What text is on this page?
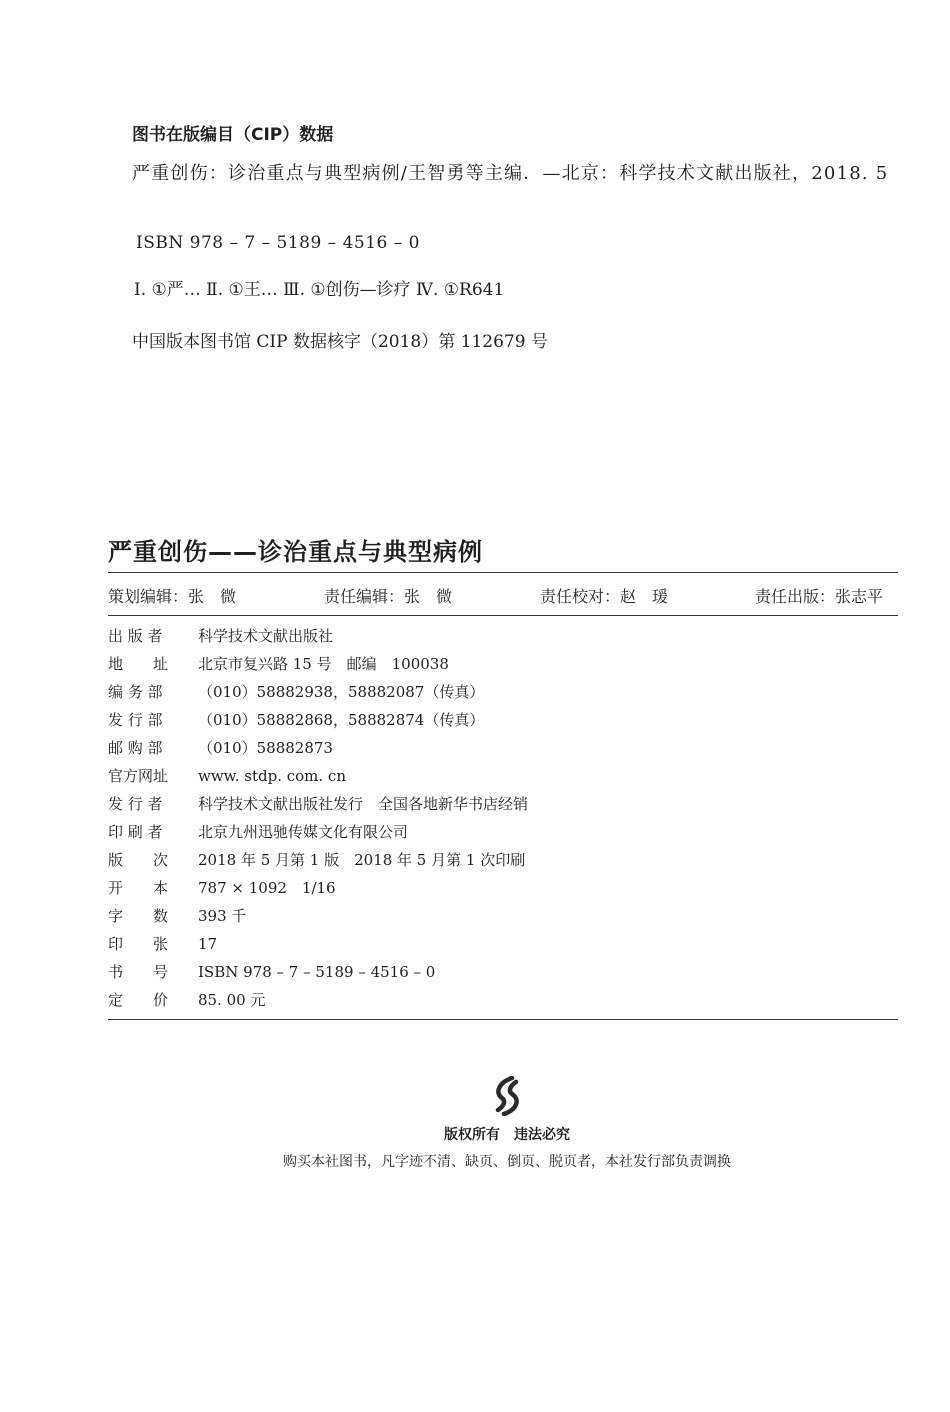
图书在版编目（CIP）数据
严重创伤：诊治重点与典型病例/王智勇等主编．—北京：科学技术文献出版社，2018. 5
ISBN 978 – 7 – 5189 – 4516 – 0
Ⅰ. ①严… Ⅱ. ①王… Ⅲ. ①创伤—诊疗 Ⅳ. ①R641
中国版本图书馆 CIP 数据核字（2018）第 112679 号
严重创伤——诊治重点与典型病例
策划编辑：张　微	责任编辑：张　微	责任校对：赵　瑗	责任出版：张志平
出 版 者	科学技术文献出版社
地　　址	北京市复兴路 15 号　邮编　100038
编 务 部	（010）58882938，58882087（传真）
发 行 部	（010）58882868，58882874（传真）
邮 购 部	（010）58882873
官方网址	www. stdp. com. cn
发 行 者	科学技术文献出版社发行　全国各地新华书店经销
印 刷 者	北京九州迅驰传媒文化有限公司
版　　次	2018 年 5 月第 1 版　2018 年 5 月第 1 次印刷
开　　本	787 × 1092　1/16
字　　数	393 千
印　　张	17
书　　号	ISBN 978 – 7 – 5189 – 4516 – 0
定　　价	85. 00 元
版权所有　违法必究
购买本社图书，凡字迹不清、缺页、倒页、脱页者，本社发行部负责调换
